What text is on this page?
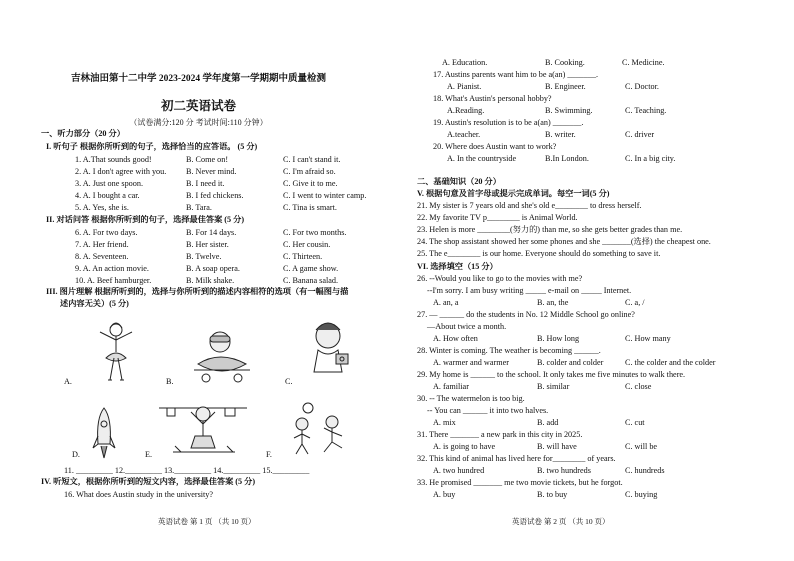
吉林油田第十二中学 2023-2024 学年度第一学期期中质量检测
初二英语试卷
（试卷满分:120 分 考试时间:110 分钟）
一、听力部分（20 分）
I. 听句子 根据你所听到的句子，选择恰当的应答语。 (5 分)
1. A.That sounds good!	B. Come on!	C. I can't stand it.
2. A. I don't agree with you. B. Never mind.	C. I'm afraid so.
3. A. Just one spoon.	B. I need it.	C. Give it to me.
4. A. I bought a car.	B. I fed chickens.	C. I went to winter camp.
5. A. Yes, she is.	B. Tara.	C. Tina is smart.
II. 对话问答 根据你所听到的句子，选择最佳答案 (5 分)
6. A. For two days.	B. For 14 days.	C. For two months.
7. A. Her friend.	B. Her sister.	C. Her cousin.
8. A. Seventeen.	B. Twelve.	C. Thirteen.
9. A. An action movie.	B. A soap opera.	C. A game show.
10. A. Beef hamburger.	B. Milk shake.	C. Banana salad.
III. 图片理解 根据所听到的，选择与你所听到的描述内容相符的选项（有一幅图与描
述内容无关）(5 分)
A.	B.	C.
D.	E.	F.
11. _________ 12._________ 13._________ 14._________ 15._________
IV. 听短文，根据你所听到的短文内容，选择最佳答案 (5 分)
16. What does Austin study in the university?
英语试卷 第 1 页 （共 10 页）
A. Education.	B. Cooking.	C. Medicine.
17. Austins parents want him to be a(an) _______.
A. Pianist.	B. Engineer.	C. Doctor.
18. What's Austin's personal hobby?
A.Reading.	B. Swimming.	C. Teaching.
19. Austin's resolution is to be a(an) _______.
A.teacher.	B. writer.	C. driver
20. Where does Austin want to work?
A. In the countryside	B.In London.	C. In a big city.
二、基础知识（20 分）
V. 根据句意及首字母或提示完成单词。每空一词(5 分)
21. My sister is 7 years old and she's old e________ to dress herself.
22. My favorite TV p________ is Animal World.
23. Helen is more ________(努力的) than me, so she gets better grades than me.
24. The shop assistant showed her some phones and she _______(选择) the cheapest one.
25. The e________ is our home. Everyone should do something to save it.
VI. 选择填空（15 分）
26. --Would you like to go to the movies with me?
--I'm sorry. I am busy writing _____ e-mail on _____ Internet.
A. an, a	B. an, the	C. a, /
27. — ______ do the students in No. 12 Middle School go online?
—About twice a month.
A. How often	B. How long	C. How many
28. Winter is coming. The weather is becoming ______.
A. warmer and warmer	B. colder and colder	C. the colder and the colder
29. My home is ______ to the school. It only takes me five minutes to walk there.
A. familiar	B. similar	C. close
30. -- The watermelon is too big.
-- You can ______ it into two halves.
A. mix	B. add	C. cut
31. There _______ a new park in this city in 2025.
A. is going to have	B. will have	C. will be
32. This kind of animal has lived here for________ of years.
A. two hundred	B. two hundreds	C. hundreds
33. He promised _______ me two movie tickets, but he forgot.
A. buy	B. to buy	C. buying
英语试卷 第 2 页 （共 10 页）
